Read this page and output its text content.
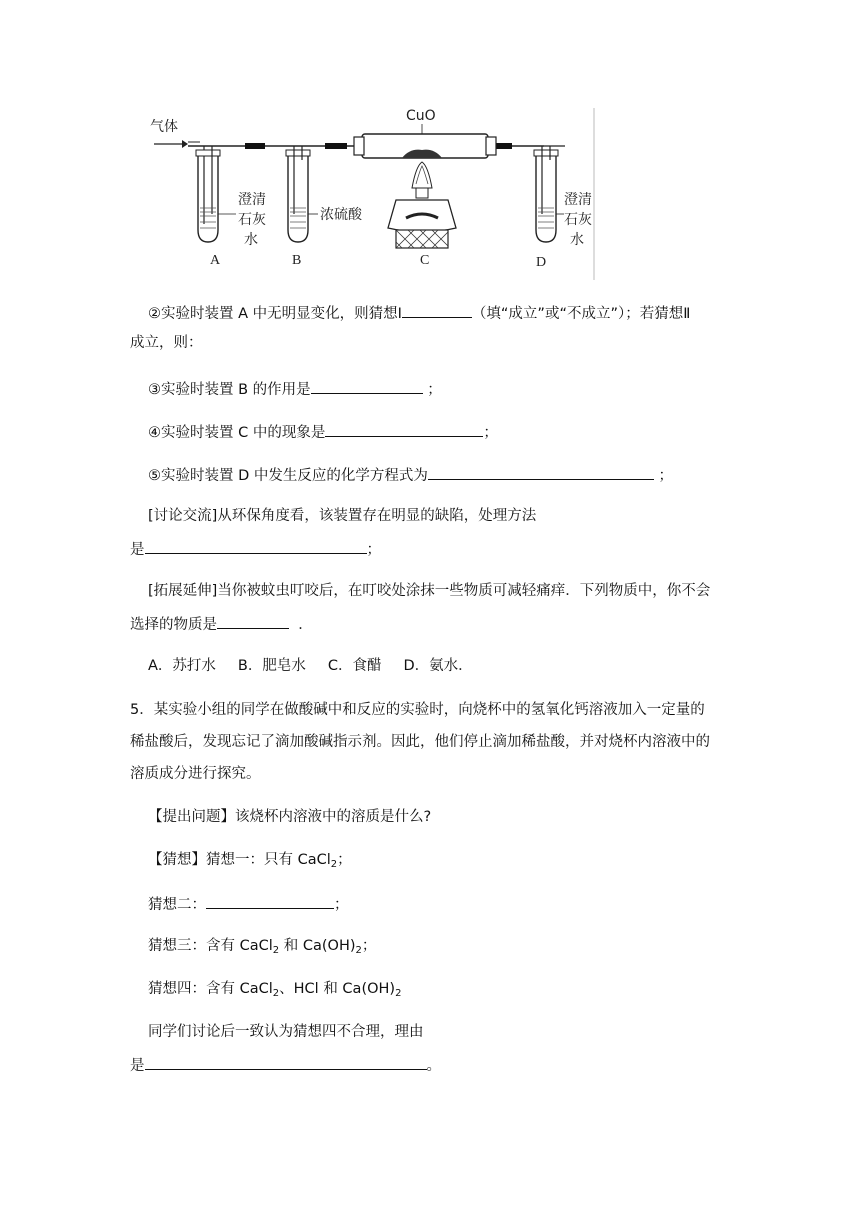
气体
澄清
石灰
水
A
浓硫酸
B
CuO
C
澄清
石灰
水
D
②实验时装置 A 中无明显变化，则猜想Ⅰ	（填“成立”或“不成立”）；若猜想Ⅱ
成立，则：
③实验时装置 B 的作用是	；
④实验时装置 C 中的现象是	；
⑤实验时装置 D 中发生反应的化学方程式为	；
[讨论交流]从环保角度看，该装置存在明显的缺陷，处理方法
是	；
[拓展延伸]当你被蚊虫叮咬后，在叮咬处涂抹一些物质可减轻痛痒．下列物质中，你不会
选择的物质是	．
A．苏打水 B．肥皂水 C．食醋 D．氨水．
5．某实验小组的同学在做酸碱中和反应的实验时，向烧杯中的氢氧化钙溶液加入一定量的
稀盐酸后，发现忘记了滴加酸碱指示剂。因此，他们停止滴加稀盐酸，并对烧杯内溶液中的
溶质成分进行探究。
【提出问题】该烧杯内溶液中的溶质是什么?
【猜想】猜想一：只有 CaCl$_2$；
猜想二：	；
猜想三：含有 CaCl$_2$ 和 $Ca(OH)_2$；
猜想四：含有 CaCl$_2$、HCl 和 $Ca(OH)_2$
同学们讨论后一致认为猜想四不合理，理由
是	。
